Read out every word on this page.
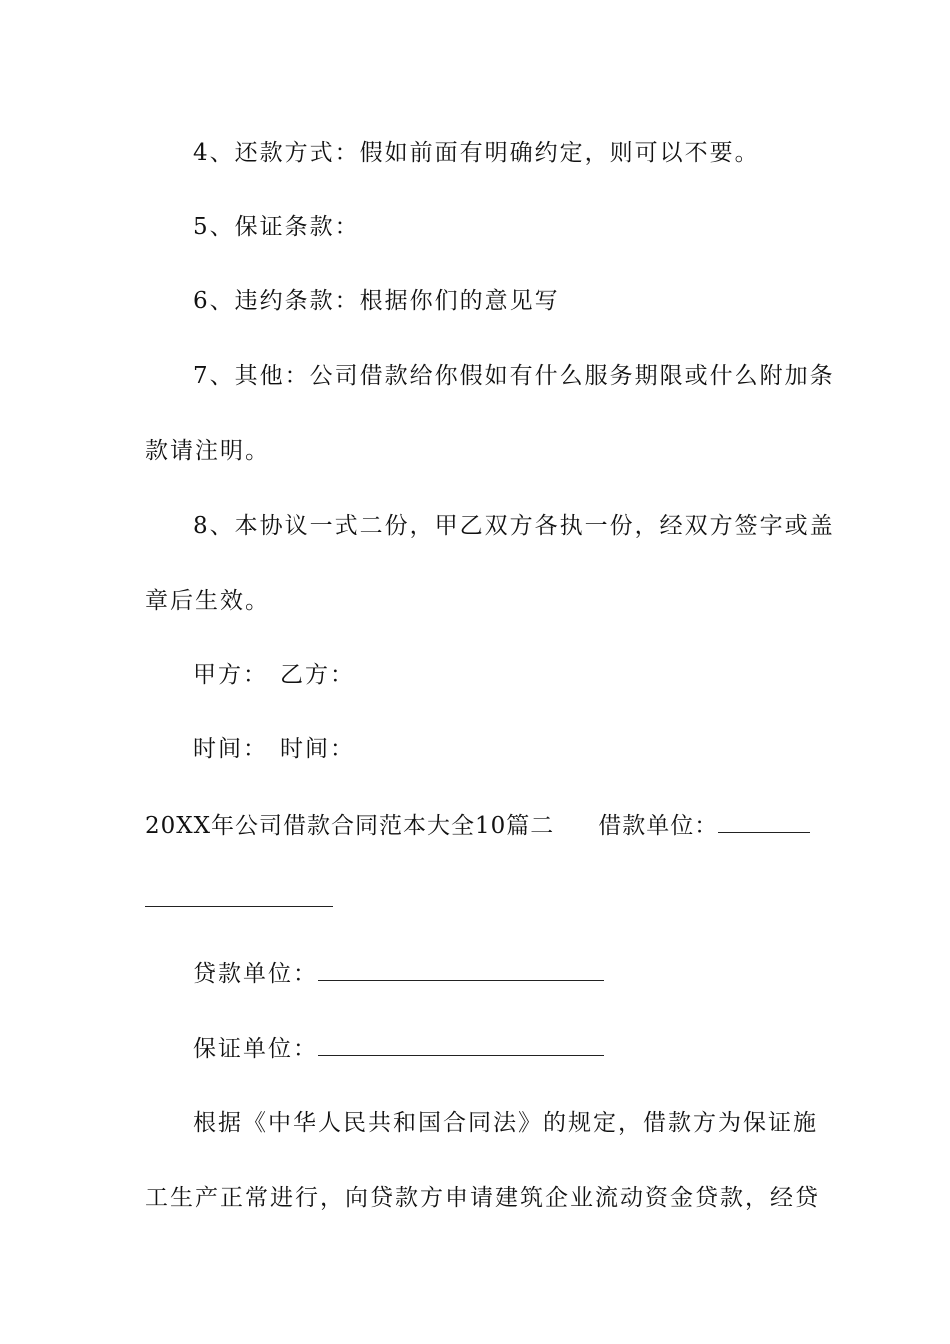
4、还款方式：假如前面有明确约定，则可以不要。
5、保证条款：
6、违约条款：根据你们的意见写
7、其他：公司借款给你假如有什么服务期限或什么附加条
款请注明。
8、本协议一式二份，甲乙双方各执一份，经双方签字或盖
章后生效。
甲方： 乙方：
时间： 时间：
20XX年公司借款合同范本大全10篇二 借款单位：
贷款单位：
保证单位：
根据《中华人民共和国合同法》的规定，借款方为保证施
工生产正常进行，向贷款方申请建筑企业流动资金贷款，经贷
